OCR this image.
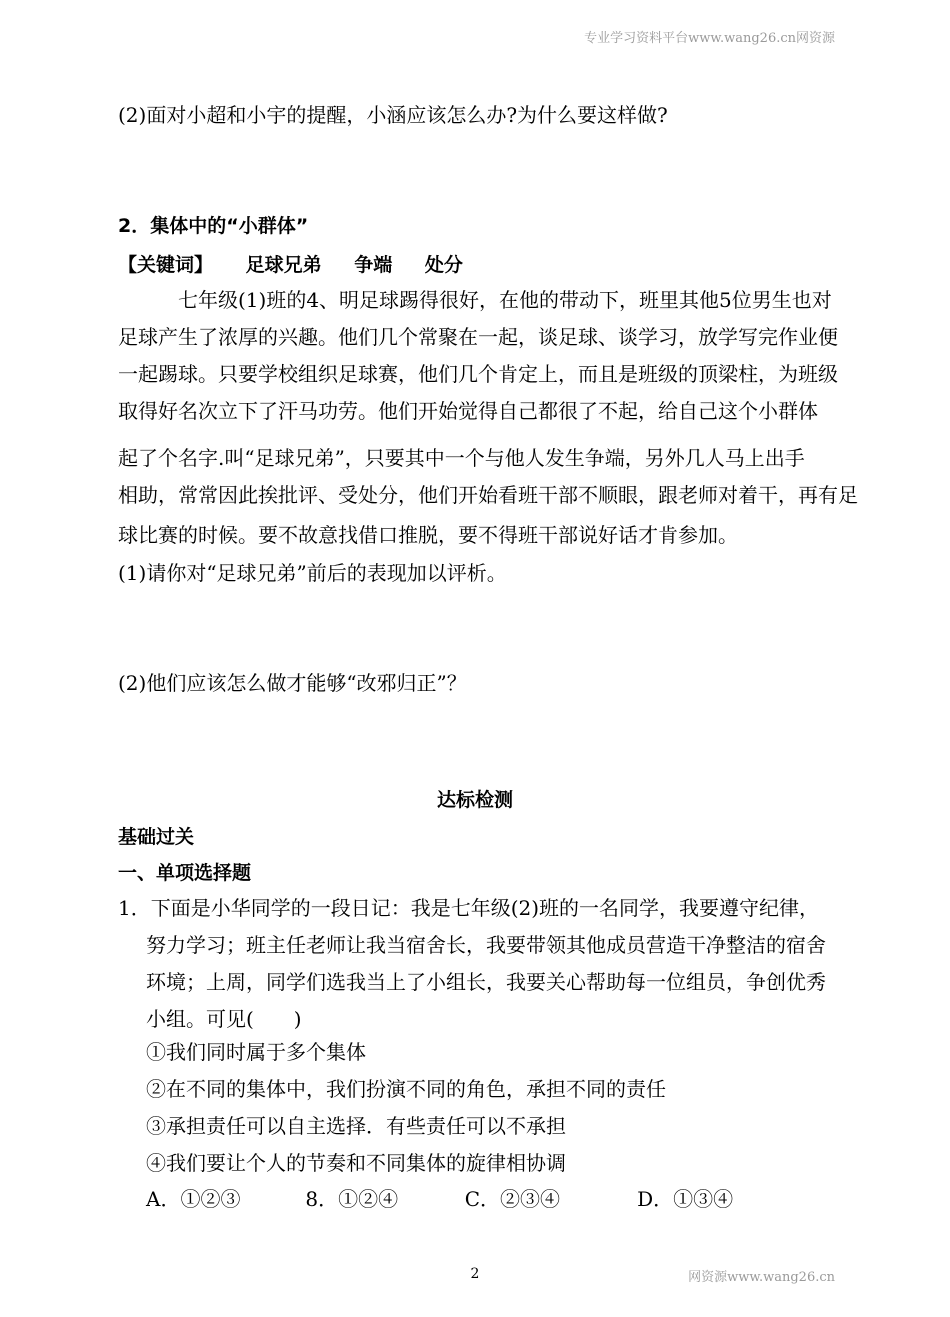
专业学习资料平台www.wang26.cn网资源
(2)面对小超和小宇的提醒，小涵应该怎么办?为什么要这样做?
2．集体中的“小群体”
【关键词】 足球兄弟 争端 处分
七年级(1)班的4、明足球踢得很好，在他的带动下，班里其他5位男生也对
足球产生了浓厚的兴趣。他们几个常聚在一起，谈足球、谈学习，放学写完作业便
一起踢球。只要学校组织足球赛，他们几个肯定上，而且是班级的顶梁柱，为班级
取得好名次立下了汗马功劳。他们开始觉得自己都很了不起，给自己这个小群体
起了个名字.叫“足球兄弟”，只要其中一个与他人发生争端，另外几人马上出手
相助，常常因此挨批评、受处分，他们开始看班干部不顺眼，跟老师对着干，再有足
球比赛的时候。要不故意找借口推脱，要不得班干部说好话才肯参加。
(1)请你对“足球兄弟”前后的表现加以评析。
(2)他们应该怎么做才能够“改邪归正”？
达标检测
基础过关
一、单项选择题
1．下面是小华同学的一段日记：我是七年级(2)班的一名同学，我要遵守纪律，
努力学习；班主任老师让我当宿舍长，我要带领其他成员营造干净整洁的宿舍
环境；上周，同学们选我当上了小组长，我要关心帮助每一位组员，争创优秀
小组。可见(　　)
①我们同时属于多个集体
②在不同的集体中，我们扮演不同的角色，承担不同的责任
③承担责任可以自主选择．有些责任可以不承担
④我们要让个人的节奏和不同集体的旋律相协调
A．①②③	8．①②④	C．②③④	D．①③④
2	网资源www.wang26.cn
